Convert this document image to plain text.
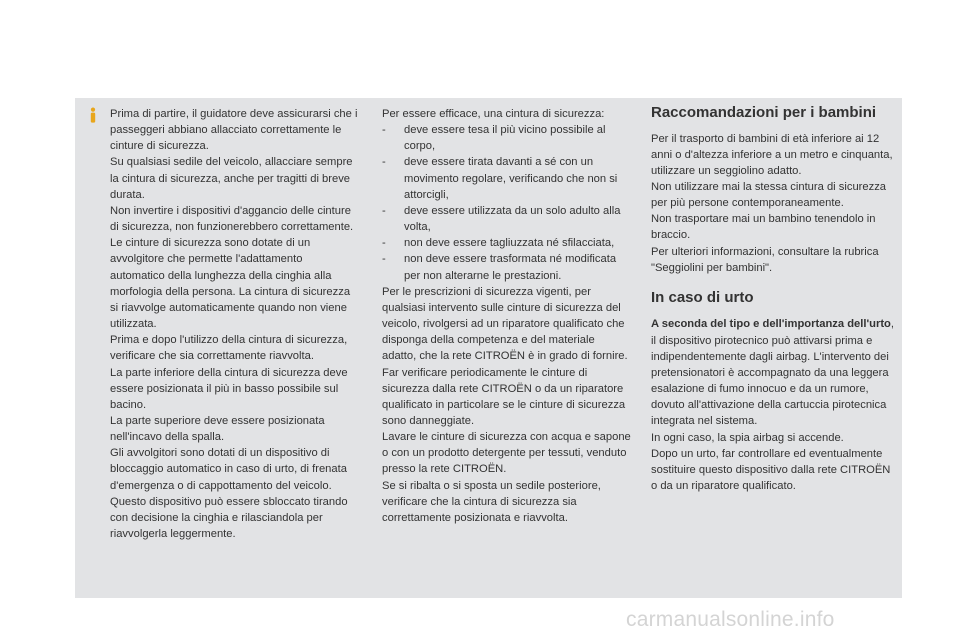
Prima di partire, il guidatore deve assicurarsi che i passeggeri abbiano allacciato correttamente le cinture di sicurezza.

Su qualsiasi sedile del veicolo, allacciare sempre la cintura di sicurezza, anche per tragitti di breve durata.

Non invertire i dispositivi d'aggancio delle cinture di sicurezza, non funzionerebbero correttamente.

Le cinture di sicurezza sono dotate di un avvolgitore che permette l'adattamento automatico della lunghezza della cinghia alla morfologia della persona. La cintura di sicurezza si riavvolge automaticamente quando non viene utilizzata.

Prima e dopo l'utilizzo della cintura di sicurezza, verificare che sia correttamente riavvolta.

La parte inferiore della cintura di sicurezza deve essere posizionata il più in basso possibile sul bacino.

La parte superiore deve essere posizionata nell'incavo della spalla.

Gli avvolgitori sono dotati di un dispositivo di bloccaggio automatico in caso di urto, di frenata d'emergenza o di cappottamento del veicolo. Questo dispositivo può essere sbloccato tirando con decisione la cinghia e rilasciandola per riavvolgerla leggermente.

Per essere efficace, una cintura di sicurezza:

- deve essere tesa il più vicino possibile al corpo,

- deve essere tirata davanti a sé con un movimento regolare, verificando che non si attorcigli,

- deve essere utilizzata da un solo adulto alla volta,

- non deve essere tagliuzzata né sfilacciata,

- non deve essere trasformata né modificata per non alterarne le prestazioni.

Per le prescrizioni di sicurezza vigenti, per qualsiasi intervento sulle cinture di sicurezza del veicolo, rivolgersi ad un riparatore qualificato che disponga della competenza e del materiale adatto, che la rete CITROËN è in grado di fornire.

Far verificare periodicamente le cinture di sicurezza dalla rete CITROËN o da un riparatore qualificato in particolare se le cinture di sicurezza sono danneggiate.

Lavare le cinture di sicurezza con acqua e sapone o con un prodotto detergente per tessuti, venduto presso la rete CITROËN.

Se si ribalta o si sposta un sedile posteriore, verificare che la cintura di sicurezza sia correttamente posizionata e riavvolta.

Raccomandazioni per i bambini

Per il trasporto di bambini di età inferiore ai 12 anni o d'altezza inferiore a un metro e cinquanta, utilizzare un seggiolino adatto.

Non utilizzare mai la stessa cintura di sicurezza per più persone contemporaneamente.

Non trasportare mai un bambino tenendolo in braccio.

Per ulteriori informazioni, consultare la rubrica "Seggiolini per bambini".

In caso di urto

A seconda del tipo e dell'importanza dell'urto, il dispositivo pirotecnico può attivarsi prima e indipendentemente dagli airbag. L'intervento dei pretensionatori è accompagnato da una leggera esalazione di fumo innocuo e da un rumore, dovuto all'attivazione della cartuccia pirotecnica integrata nel sistema.

In ogni caso, la spia airbag si accende.

Dopo un urto, far controllare ed eventualmente sostituire questo dispositivo dalla rete CITROËN o da un riparatore qualificato.

carmanualsonline.info
